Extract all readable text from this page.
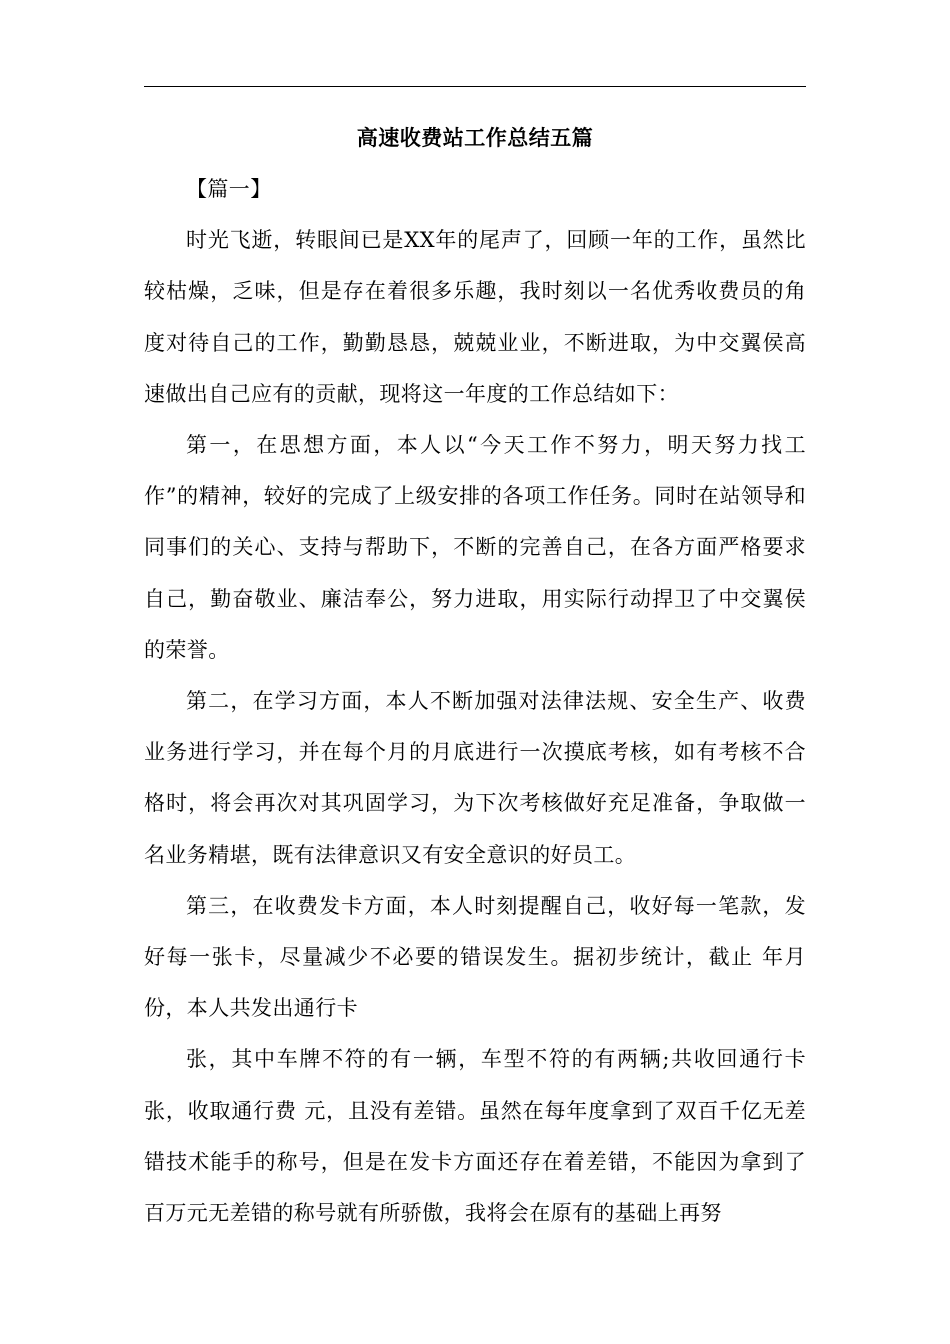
高速收费站工作总结五篇

【篇一】

时光飞逝，转眼间已是XX年的尾声了，回顾一年的工作，虽然比较枯燥，乏味，但是存在着很多乐趣，我时刻以一名优秀收费员的角度对待自己的工作，勤勤恳恳，兢兢业业，不断进取，为中交翼侯高速做出自己应有的贡献，现将这一年度的工作总结如下：

第一，在思想方面，本人以“今天工作不努力，明天努力找工作”的精神，较好的完成了上级安排的各项工作任务。同时在站领导和同事们的关心、支持与帮助下，不断的完善自己，在各方面严格要求自己，勤奋敬业、廉洁奉公，努力进取，用实际行动捍卫了中交翼侯的荣誉。

第二，在学习方面，本人不断加强对法律法规、安全生产、收费业务进行学习，并在每个月的月底进行一次摸底考核，如有考核不合格时，将会再次对其巩固学习，为下次考核做好充足准备，争取做一名业务精堪，既有法律意识又有安全意识的好员工。

第三，在收费发卡方面，本人时刻提醒自己，收好每一笔款，发好每一张卡，尽量减少不必要的错误发生。据初步统计，截止 年月份，本人共发出通行卡

张，其中车牌不符的有一辆，车型不符的有两辆;共收回通行卡 张，收取通行费 元，且没有差错。虽然在每年度拿到了双百千亿无差错技术能手的称号，但是在发卡方面还存在着差错，不能因为拿到了百万元无差错的称号就有所骄傲，我将会在原有的基础上再努
